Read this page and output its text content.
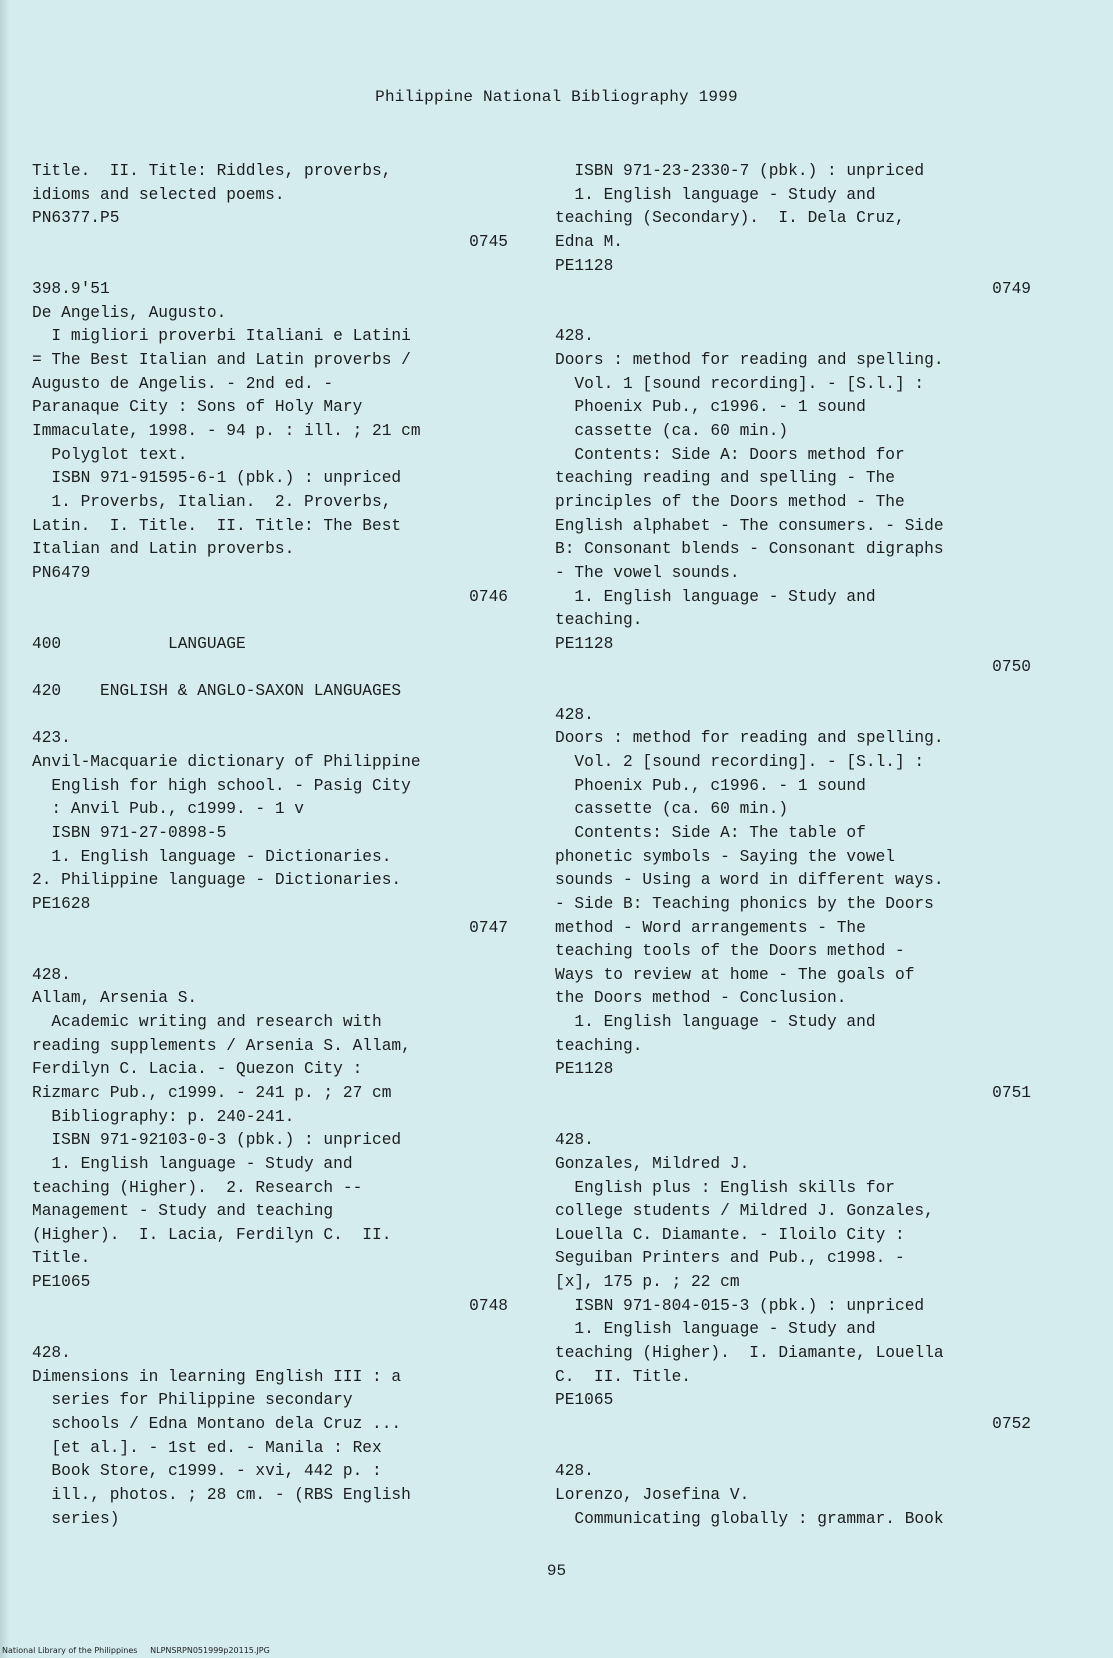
Philippine National Bibliography 1999
Title.  II. Title: Riddles, proverbs,
idioms and selected poems.
PN6377.P5
0745
398.9'51
De Angelis, Augusto.
I migliori proverbi Italiani e Latini
= The Best Italian and Latin proverbs /
Augusto de Angelis. - 2nd ed. -
Paranaque City : Sons of Holy Mary
Immaculate, 1998. - 94 p. : ill. ; 21 cm
Polyglot text.
ISBN 971-91595-6-1 (pbk.) : unpriced
1. Proverbs, Italian.  2. Proverbs,
Latin.  I. Title.  II. Title: The Best
Italian and Latin proverbs.
PN6479
0746
400           LANGUAGE
420    ENGLISH & ANGLO-SAXON LANGUAGES
423.
Anvil-Macquarie dictionary of Philippine
English for high school. - Pasig City
: Anvil Pub., c1999. - 1 v
ISBN 971-27-0898-5
1. English language - Dictionaries.
2. Philippine language - Dictionaries.
PE1628
0747
428.
Allam, Arsenia S.
Academic writing and research with
reading supplements / Arsenia S. Allam,
Ferdilyn C. Lacia. - Quezon City :
Rizmarc Pub., c1999. - 241 p. ; 27 cm
Bibliography: p. 240-241.
ISBN 971-92103-0-3 (pbk.) : unpriced
1. English language - Study and
teaching (Higher).  2. Research --
Management - Study and teaching
(Higher).  I. Lacia, Ferdilyn C.  II.
Title.
PE1065
0748
428.
Dimensions in learning English III : a
series for Philippine secondary
schools / Edna Montano dela Cruz ...
[et al.]. - 1st ed. - Manila : Rex
Book Store, c1999. - xvi, 442 p. :
ill., photos. ; 28 cm. - (RBS English
series)
ISBN 971-23-2330-7 (pbk.) : unpriced
1. English language - Study and
teaching (Secondary).  I. Dela Cruz,
Edna M.
PE1128
0749
428.
Doors : method for reading and spelling.
Vol. 1 [sound recording]. - [S.l.] :
Phoenix Pub., c1996. - 1 sound
cassette (ca. 60 min.)
Contents: Side A: Doors method for
teaching reading and spelling - The
principles of the Doors method - The
English alphabet - The consumers. - Side
B: Consonant blends - Consonant digraphs
- The vowel sounds.
1. English language - Study and
teaching.
PE1128
0750
428.
Doors : method for reading and spelling.
Vol. 2 [sound recording]. - [S.l.] :
Phoenix Pub., c1996. - 1 sound
cassette (ca. 60 min.)
Contents: Side A: The table of
phonetic symbols - Saying the vowel
sounds - Using a word in different ways.
- Side B: Teaching phonics by the Doors
method - Word arrangements - The
teaching tools of the Doors method -
Ways to review at home - The goals of
the Doors method - Conclusion.
1. English language - Study and
teaching.
PE1128
0751
428.
Gonzales, Mildred J.
English plus : English skills for
college students / Mildred J. Gonzales,
Louella C. Diamante. - Iloilo City :
Seguiban Printers and Pub., c1998. -
[x], 175 p. ; 22 cm
ISBN 971-804-015-3 (pbk.) : unpriced
1. English language - Study and
teaching (Higher).  I. Diamante, Louella
C.  II. Title.
PE1065
0752
428.
Lorenzo, Josefina V.
Communicating globally : grammar. Book
95
National Library of the Philippines     NLPNSRPN051999p20115.JPG
